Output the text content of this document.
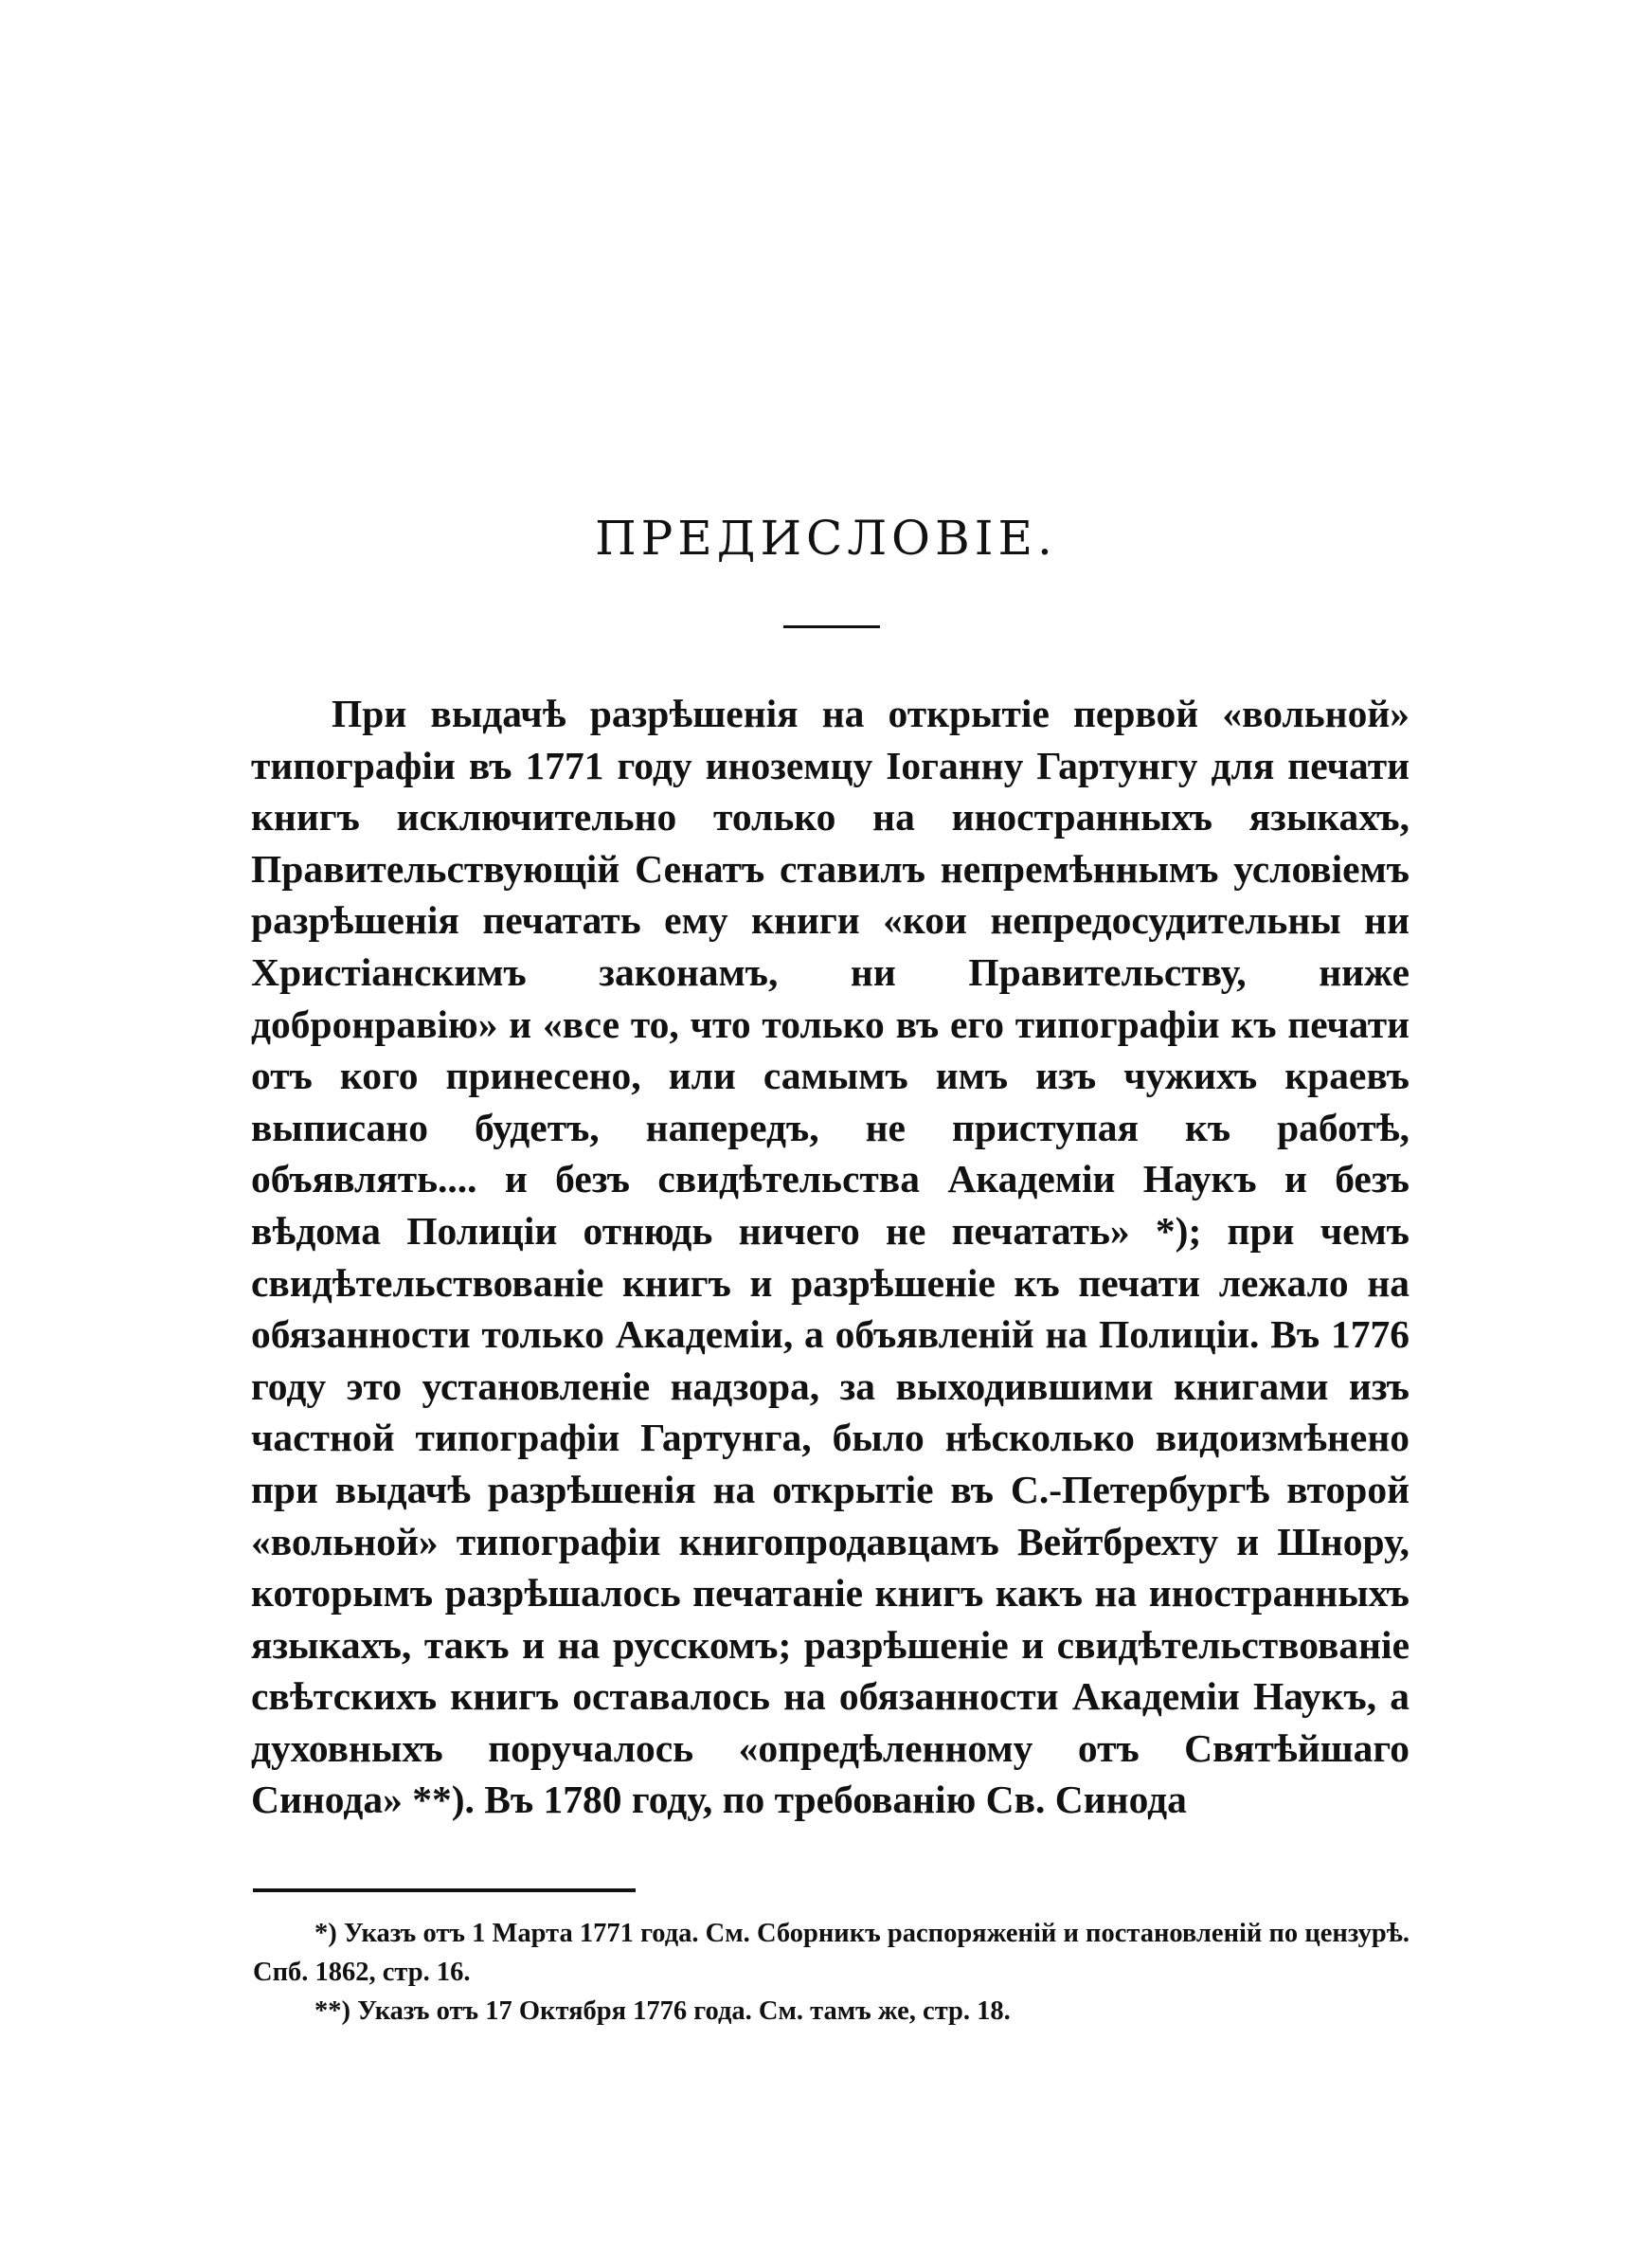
ПРЕДИСЛОВІЕ.

При выдачѣ разрѣшенія на открытіе первой «вольной» типографіи въ 1771 году иноземцу Іоганну Гартунгу для печати книгъ исключительно только на иностранныхъ языкахъ, Правительствующій Сенатъ ставилъ непремѣннымъ условіемъ разрѣшенія печатать ему книги «кои непредосудительны ни Христіанскимъ законамъ, ни Правительству, ниже добронравію» и «все то, что только въ его типографіи къ печати отъ кого принесено, или самымъ имъ изъ чужихъ краевъ выписано будетъ, напередъ, не приступая къ работѣ, объявлять.... и безъ свидѣтельства Академіи Наукъ и безъ вѣдома Полиціи отнюдь ничего не печатать» *); при чемъ свидѣтельствованіе книгъ и разрѣшеніе къ печати лежало на обязанности только Академіи, а объявленій на Полиціи. Въ 1776 году это установленіе надзора, за выходившими книгами изъ частной типографіи Гартунга, было нѣсколько видоизмѣнено при выдачѣ разрѣшенія на открытіе въ С.-Петербургѣ второй «вольной» типографіи книгопродавцамъ Вейтбрехту и Шнору, которымъ разрѣшалось печатаніе книгъ какъ на иностранныхъ языкахъ, такъ и на русскомъ; разрѣшеніе и свидѣтельствованіе свѣтскихъ книгъ оставалось на обязанности Академіи Наукъ, а духовныхъ поручалось «опредѣленному отъ Святѣйшаго Синода» **). Въ 1780 году, по требованію Св. Синода

*) Указъ отъ 1 Марта 1771 года. См. Сборникъ распоряженій и постановленій по цензурѣ. Спб. 1862, стр. 16.

**) Указъ отъ 17 Октября 1776 года. См. тамъ же, стр. 18.
